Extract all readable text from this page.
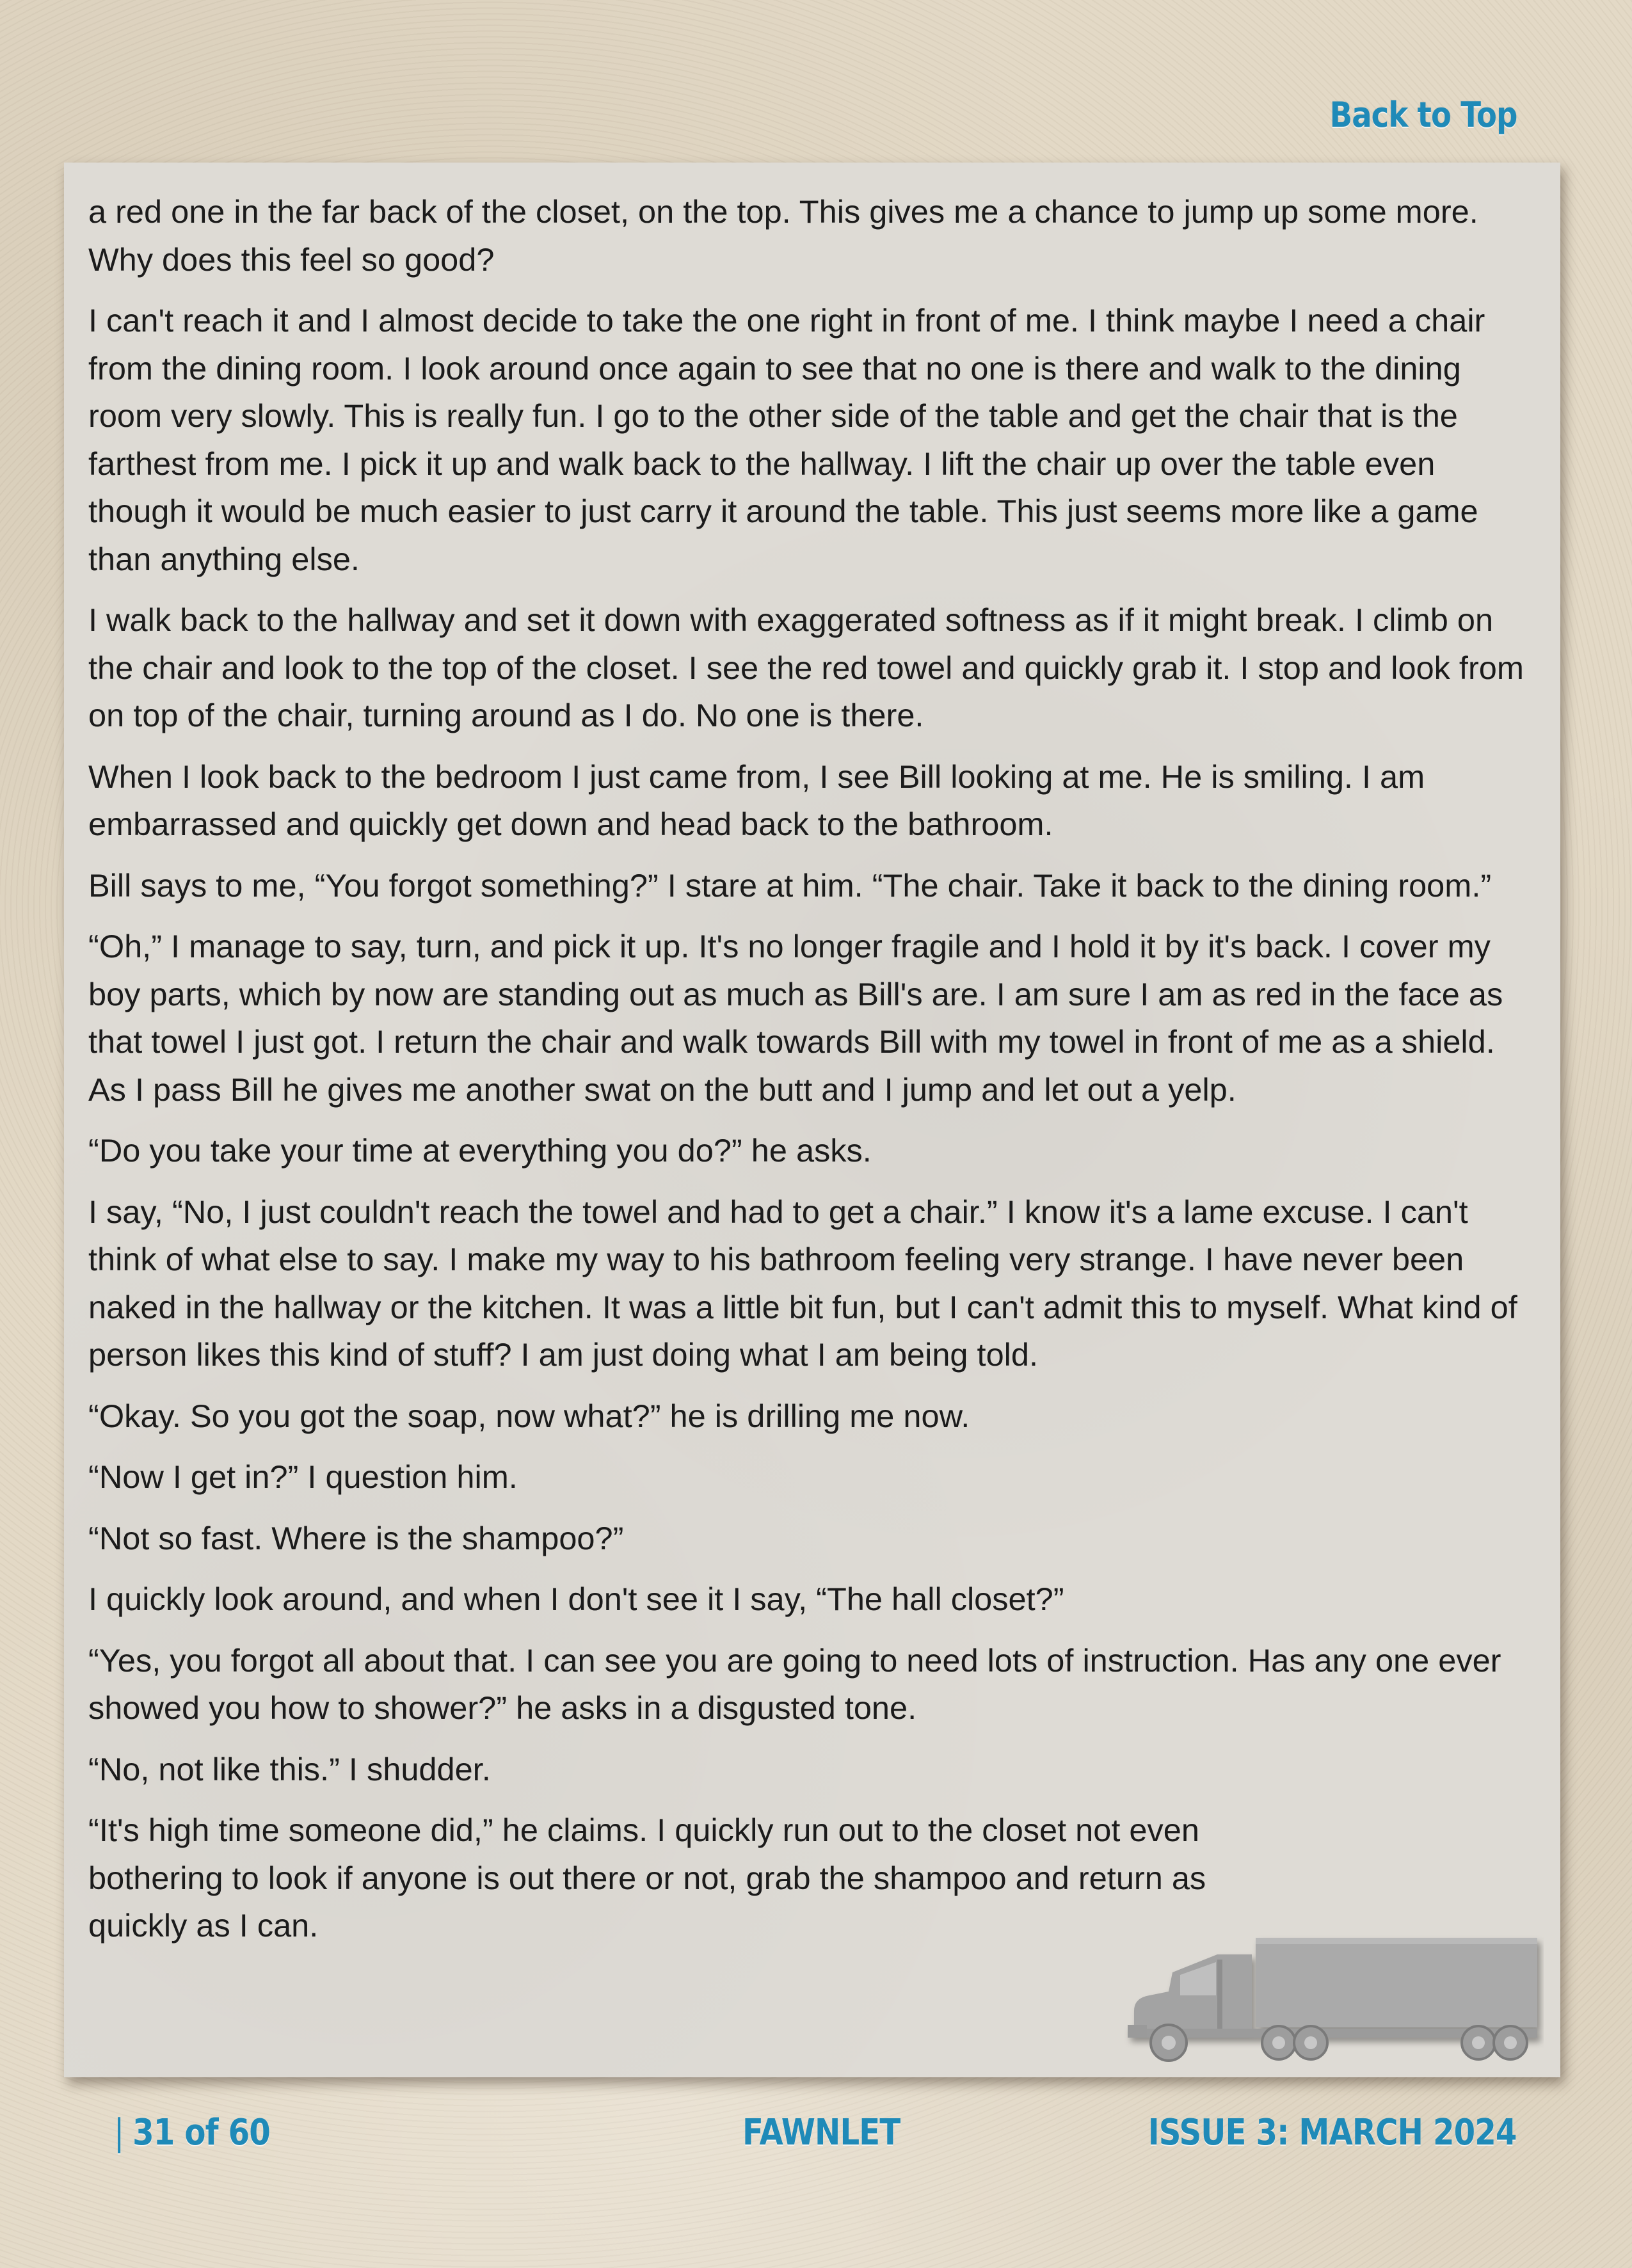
Back to Top

a red one in the far back of the closet, on the top. This gives me a chance to jump up some more. Why does this feel so good?

I can't reach it and I almost decide to take the one right in front of me. I think maybe I need a chair from the dining room. I look around once again to see that no one is there and walk to the dining room very slowly. This is really fun. I go to the other side of the table and get the chair that is the farthest from me. I pick it up and walk back to the hallway. I lift the chair up over the table even though it would be much easier to just carry it around the table. This just seems more like a game than anything else.

I walk back to the hallway and set it down with exaggerated softness as if it might break. I climb on the chair and look to the top of the closet. I see the red towel and quickly grab it. I stop and look from on top of the chair, turning around as I do. No one is there.

When I look back to the bedroom I just came from, I see Bill looking at me. He is smiling. I am embarrassed and quickly get down and head back to the bathroom.

Bill says to me, “You forgot something?” I stare at him. “The chair. Take it back to the dining room.”

“Oh,” I manage to say, turn, and pick it up. It's no longer fragile and I hold it by it's back. I cover my boy parts, which by now are standing out as much as Bill's are. I am sure I am as red in the face as that towel I just got. I return the chair and walk towards Bill with my towel in front of me as a shield. As I pass Bill he gives me another swat on the butt and I jump and let out a yelp.

“Do you take your time at everything you do?” he asks.

I say, “No, I just couldn't reach the towel and had to get a chair.” I know it's a lame excuse. I can't think of what else to say. I make my way to his bathroom feeling very strange. I have never been naked in the hallway or the kitchen. It was a little bit fun, but I can't admit this to myself. What kind of person likes this kind of stuff? I am just doing what I am being told.

“Okay. So you got the soap, now what?” he is drilling me now.

“Now I get in?” I question him.

“Not so fast. Where is the shampoo?”

I quickly look around, and when I don't see it I say, “The hall closet?”

“Yes, you forgot all about that. I can see you are going to need lots of instruction. Has any one ever showed you how to shower?” he asks in a disgusted tone.

“No, not like this.” I shudder.

“It's high time someone did,” he claims. I quickly run out to the closet not even bothering to look if anyone is out there or not, grab the shampoo and return as quickly as I can.

| 31 of 60	FAWNLET	ISSUE 3: MARCH 2024
